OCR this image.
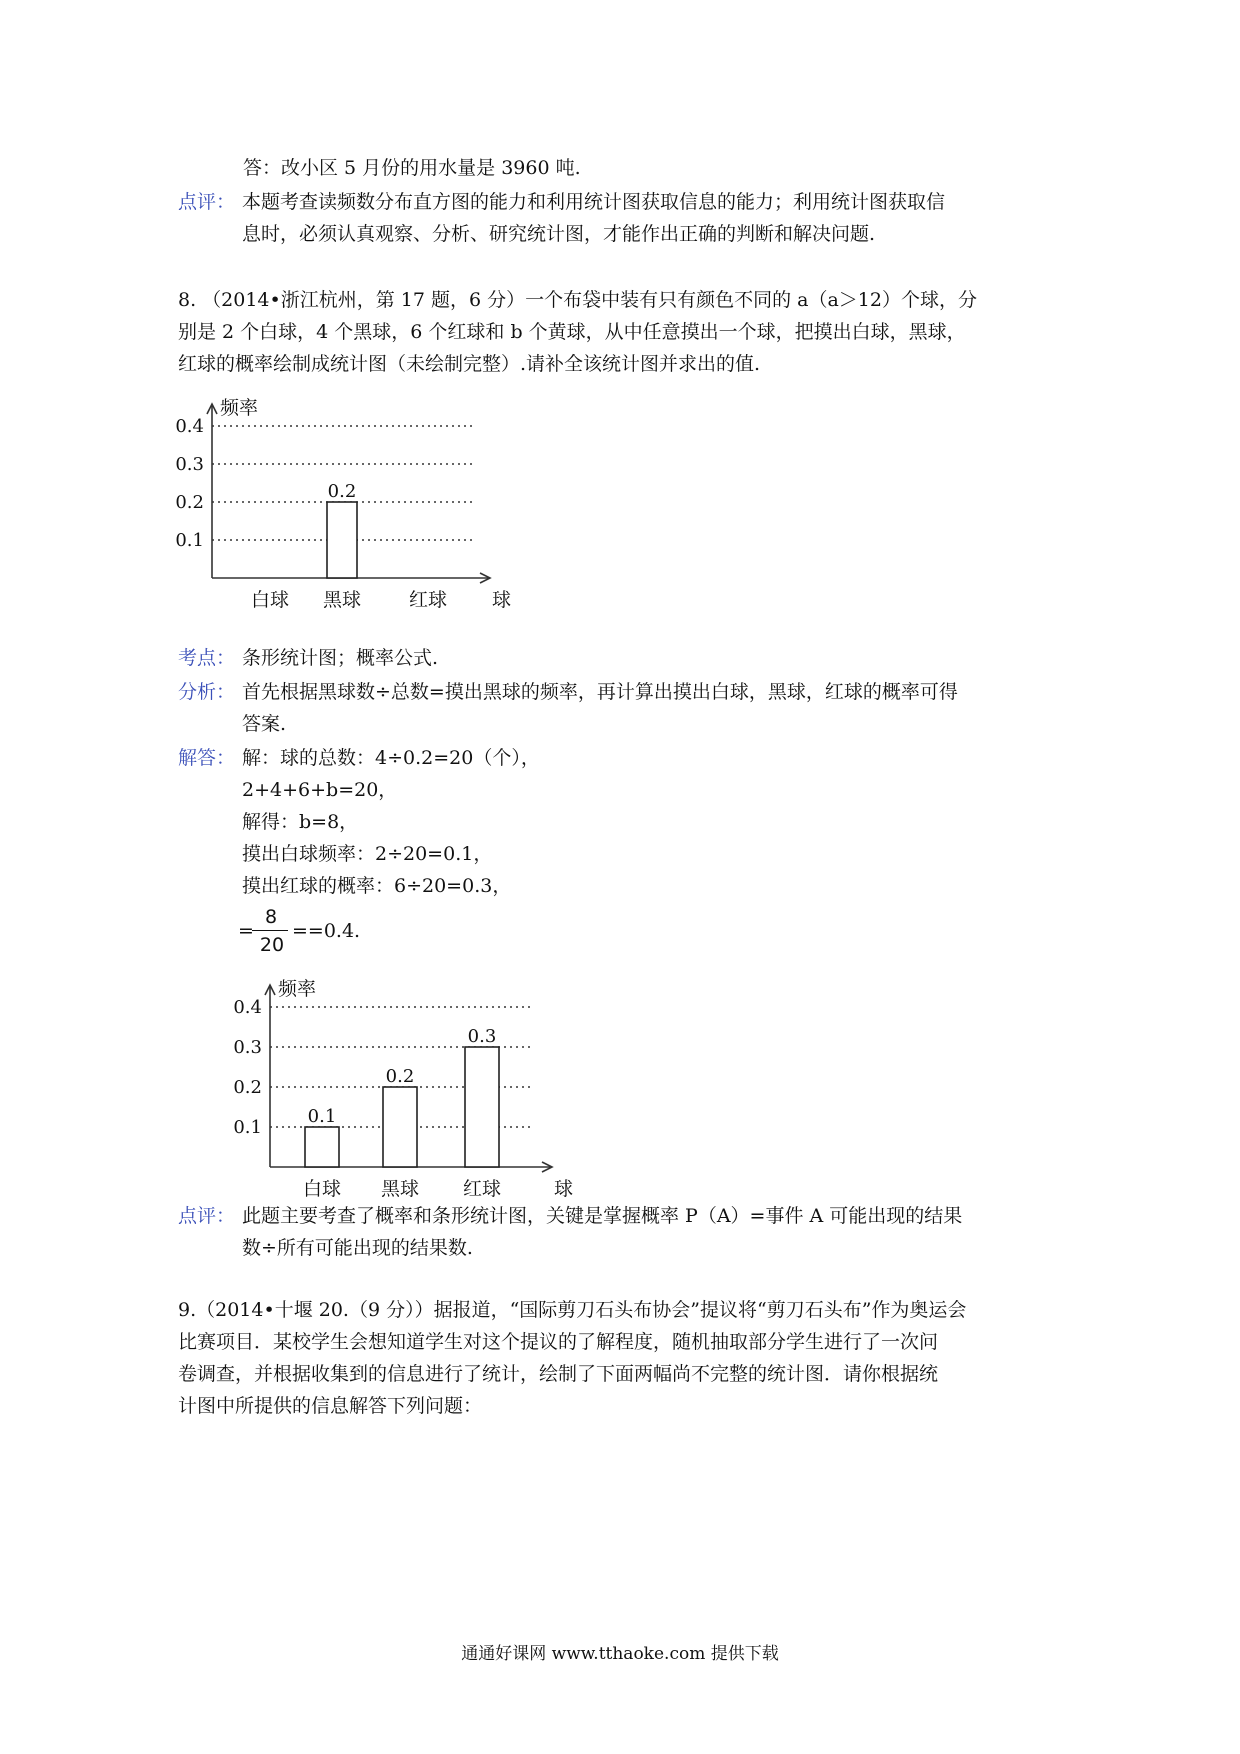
答：改小区 5 月份的用水量是 3960 吨.
点评： 本题考查读频数分布直方图的能力和利用统计图获取信息的能力；利用统计图获取信
息时，必须认真观察、分析、研究统计图，才能作出正确的判断和解决问题.
8. （2014•浙江杭州，第 17 题，6 分）一个布袋中装有只有颜色不同的 a（a＞12）个球，分
别是 2 个白球，4 个黑球，6 个红球和 b 个黄球，从中任意摸出一个球，把摸出白球，黑球，
红球的概率绘制成统计图（未绘制完整）.请补全该统计图并求出的值.
0.1
0.2
0.3
0.4
频率
球
白球 黑球
0.2
红球
考点： 条形统计图；概率公式.
分析： 首先根据黑球数÷总数=摸出黑球的频率，再计算出摸出白球，黑球，红球的概率可得
答案.
解答： 解：球的总数：4÷0.2=20（个），
2+4+6+b=20，
解得：b=8，
摸出白球频率：2÷20=0.1，
摸出红球的概率：6÷20=0.3，
=
8
20
==0.4.
0.1
0.2
0.3
0.4
频率
球
白球
0.1
黑球
0.2
红球
0.3
点评： 此题主要考查了概率和条形统计图，关键是掌握概率 P（A）=事件 A 可能出现的结果
数÷所有可能出现的结果数.
9.（2014•十堰 20.（9 分））据报道，“国际剪刀石头布协会”提议将“剪刀石头布”作为奥运会
比赛项目．某校学生会想知道学生对这个提议的了解程度，随机抽取部分学生进行了一次问
卷调查，并根据收集到的信息进行了统计，绘制了下面两幅尚不完整的统计图．请你根据统
计图中所提供的信息解答下列问题：
通通好课网 www.tthaoke.com 提供下载
